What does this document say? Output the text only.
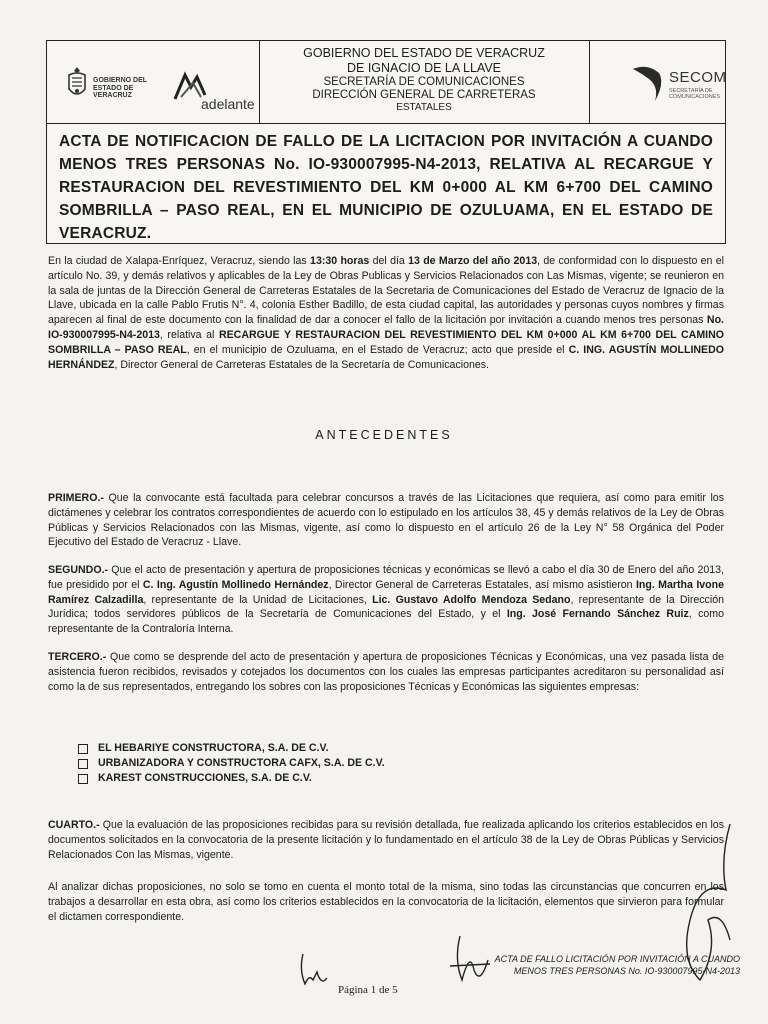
GOBIERNO DEL ESTADO DE VERACRUZ
adelante
GOBIERNO DEL ESTADO DE VERACRUZ
DE IGNACIO DE LA LLAVE
SECRETARÍA DE COMUNICACIONES
DIRECCIÓN GENERAL DE CARRETERAS
ESTATALES
SECOM
SECRETARÍA DE COMUNICACIONES
ACTA DE NOTIFICACION DE FALLO DE LA LICITACION POR INVITACIÓN A CUANDO MENOS TRES PERSONAS No. IO-930007995-N4-2013, RELATIVA AL RECARGUE Y RESTAURACION DEL REVESTIMIENTO DEL KM 0+000 AL KM 6+700 DEL CAMINO SOMBRILLA – PASO REAL, EN EL MUNICIPIO DE OZULUAMA, EN EL ESTADO DE VERACRUZ.
En la ciudad de Xalapa-Enríquez, Veracruz, siendo las 13:30 horas del día 13 de Marzo del año 2013, de conformidad con lo dispuesto en el artículo No. 39, y demás relativos y aplicables de la Ley de Obras Publicas y Servicios Relacionados con Las Mismas, vigente; se reunieron en la sala de juntas de la Dirección General de Carreteras Estatales de la Secretaria de Comunicaciones del Estado de Veracruz de Ignacio de la Llave, ubicada en la calle Pablo Frutis N°. 4, colonia Esther Badillo, de esta ciudad capital, las autoridades y personas cuyos nombres y firmas aparecen al final de este documento con la finalidad de dar a conocer el fallo de la licitación por invitación a cuando menos tres personas No. IO-930007995-N4-2013, relativa al RECARGUE Y RESTAURACION DEL REVESTIMIENTO DEL KM 0+000 AL KM 6+700 DEL CAMINO SOMBRILLA – PASO REAL, en el municipio de Ozuluama, en el Estado de Veracruz; acto que preside el C. ING. AGUSTÍN MOLLINEDO HERNÁNDEZ, Director General de Carreteras Estatales de la Secretaría de Comunicaciones.
ANTECEDENTES
PRIMERO.- Que la convocante está facultada para celebrar concursos a través de las Licitaciones que requiera, así como para emitir los dictámenes y celebrar los contratos correspondientes de acuerdo con lo estipulado en los artículos 38, 45 y demás relativos de la Ley de Obras Públicas y Servicios Relacionados con las Mismas, vigente, así como lo dispuesto en el artículo 26 de la Ley N° 58 Orgánica del Poder Ejecutivo del Estado de Veracruz - Llave.
SEGUNDO.- Que el acto de presentación y apertura de proposiciones técnicas y económicas se llevó a cabo el día 30 de Enero del año 2013, fue presidido por el C. Ing. Agustín Mollinedo Hernández, Director General de Carreteras Estatales, así mismo asistieron Ing. Martha Ivone Ramírez Calzadilla, representante de la Unidad de Licitaciones, Lic. Gustavo Adolfo Mendoza Sedano, representante de la Dirección Jurídica; todos servidores públicos de la Secretaría de Comunicaciones del Estado, y el Ing. José Fernando Sánchez Ruiz, como representante de la Contraloría Interna.
TERCERO.- Que como se desprende del acto de presentación y apertura de proposiciones Técnicas y Económicas, una vez pasada lista de asistencia fueron recibidos, revisados y cotejados los documentos con los cuales las empresas participantes acreditaron su personalidad así como la de sus representados, entregando los sobres con las proposiciones Técnicas y Económicas las siguientes empresas:
EL HEBARIYE CONSTRUCTORA, S.A. DE C.V.
URBANIZADORA Y CONSTRUCTORA CAFX, S.A. DE C.V.
KAREST CONSTRUCCIONES, S.A. DE C.V.
CUARTO.- Que la evaluación de las proposiciones recibidas para su revisión detallada, fue realizada aplicando los criterios establecidos en los documentos solicitados en la convocatoria de la presente licitación y lo fundamentado en el artículo 38 de la Ley de Obras Públicas y Servicios Relacionados Con las Mismas, vigente.
Al analizar dichas proposiciones, no solo se tomo en cuenta el monto total de la misma, sino todas las circunstancias que concurren en los trabajos a desarrollar en esta obra, así como los criterios establecidos en la convocatoria de la licitación, elementos que sirvieron para formular el dictamen correspondiente.
ACTA DE FALLO LICITACIÓN POR INVITACIÓN A CUANDO
MENOS TRES PERSONAS No. IO-930007995-N4-2013
Página 1 de 5
